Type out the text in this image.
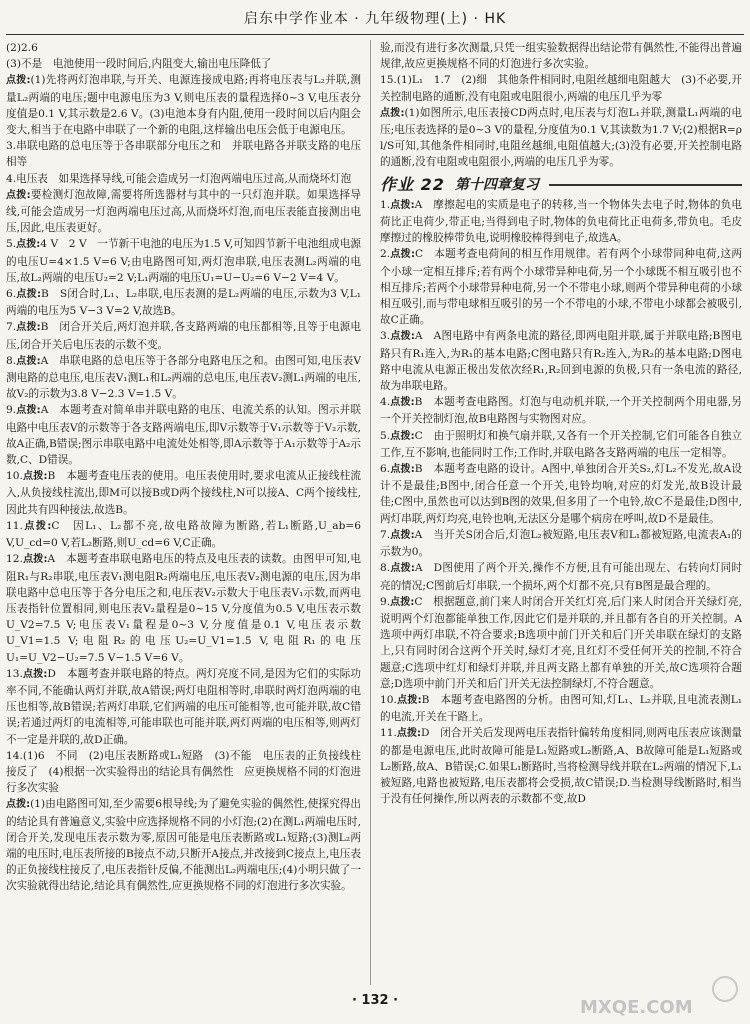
启东中学作业本 · 九年级物理(上) · HK

(2)2.6

(3)不是　电池使用一段时间后,内阻变大,输出电压降低了

点拨:(1)先将两灯泡串联,与开关、电源连接成电路;再将电压表与L₂并联,测量L₂两端的电压;题中电源电压为3 V,则电压表的量程选择0~3 V,电压表分度值是0.1 V,其示数是2.6 V。(3)电池本身有内阻,使用一段时间以后内阻会变大,相当于在电路中串联了一个新的电阻,这样输出电压会低于电源电压。

3.串联电路的总电压等于各串联部分电压之和　并联电路各并联支路的电压相等

4.电压表　如果选择导线,可能会造成另一灯泡两端电压过高,从而烧坏灯泡

点拨:要检测灯泡故障,需要将所选器材与其中的一只灯泡并联。如果选择导线,可能会造成另一灯泡两端电压过高,从而烧坏灯泡,而电压表能直接测出电压,因此,电压表更好。

5.点拨:4 V　2 V　一节新干电池的电压为1.5 V,可知四节新干电池组成电源的电压U=4×1.5 V=6 V;由电路图可知,两灯泡串联,电压表测L₂两端的电压,故L₂两端的电压U₂=2 V;L₁两端的电压U₁=U−U₂=6 V−2 V=4 V。

6.点拨:B　S闭合时,L₁、L₂串联,电压表测的是L₂两端的电压,示数为3 V,L₁两端的电压为5 V−3 V=2 V,故选B。

7.点拨:B　闭合开关后,两灯泡并联,各支路两端的电压都相等,且等于电源电压,闭合开关后电压表的示数不变。

8.点拨:A　串联电路的总电压等于各部分电路电压之和。由图可知,电压表V测电路的总电压,电压表V₁测L₁和L₂两端的总电压,电压表V₂测L₁两端的电压,故V₂的示数为3.8 V−2.3 V=1.5 V。

9.点拨:A　本题考查对简单串并联电路的电压、电流关系的认知。图示并联电路中电压表V的示数等于各支路两端电压,即V示数等于V₁示数等于V₂示数,故A正确,B错误;图示串联电路中电流处处相等,即A示数等于A₁示数等于A₂示数,C、D错误。

10.点拨:B　本题考查电压表的使用。电压表使用时,要求电流从正接线柱流入,从负接线柱流出,即M可以接B或D两个接线柱,N可以接A、C两个接线柱,因此共有四种接法,故选B。

11.点拨:C　因L₁、L₂都不亮,故电路故障为断路,若L₁断路,U_ab=6 V,U_cd=0 V,若L₂断路,则U_cd=6 V,C正确。

12.点拨:A　本题考查串联电路电压的特点及电压表的读数。由图甲可知,电阻R₁与R₂串联,电压表V₁测电阻R₂两端电压,电压表V₂测电源的电压,因为串联电路中总电压等于各分电压之和,电压表V₂示数大于电压表V₁示数,而两电压表指针位置相同,则电压表V₂量程是0~15 V,分度值为0.5 V,电压表示数U_V2=7.5 V;电压表V₁量程是0~3 V,分度值是0.1 V,电压表示数U_V1=1.5 V;电阻R₂的电压U₂=U_V1=1.5 V,电阻R₁的电压U₁=U_V2−U₂=7.5 V−1.5 V=6 V。

13.点拨:D　本题考查并联电路的特点。两灯亮度不同,是因为它们的实际功率不同,不能确认两灯并联,故A错误;两灯电阻相等时,串联时两灯泡两端的电压也相等,故B错误;若两灯串联,它们两端的电压可能相等,也可能并联,故C错误;若通过两灯的电流相等,可能串联也可能并联,两灯两端的电压相等,则两灯不一定是并联的,故D正确。

14.(1)6　不同　(2)电压表断路或L₁短路　(3)不能　电压表的正负接线柱接反了　(4)根据一次实验得出的结论具有偶然性　应更换规格不同的灯泡进行多次实验

点拨:(1)由电路图可知,至少需要6根导线;为了避免实验的偶然性,使探究得出的结论具有普遍意义,实验中应选择规格不同的小灯泡;(2)在测L₁两端电压时,闭合开关,发现电压表示数为零,原因可能是电压表断路或L₁短路;(3)测L₂两端的电压时,电压表所接的B接点不动,只断开A接点,并改接到C接点上,电压表的正负接线柱接反了,电压表指针反偏,不能测出L₂两端电压;(4)小明只做了一次实验就得出结论,结论具有偶然性,应更换规格不同的灯泡进行多次实验。

验,而没有进行多次测量,只凭一组实验数据得出结论带有偶然性,不能得出普遍规律,故应更换规格不同的灯泡进行多次实验。

15.(1)L₁　1.7　(2)细　其他条件相同时,电阻丝越细电阻越大　(3)不必要,开关控制电路的通断,没有电阻或电阻很小,两端的电压几乎为零

点拨:(1)如图所示,电压表接CD两点时,电压表与灯泡L₁并联,测量L₁两端的电压;电压表选择的是0~3 V的量程,分度值为0.1 V,其读数为1.7 V;(2)根据R=ρ l/S可知,其他条件相同时,电阻丝越细,电阻值越大;(3)没有必要,开关控制电路的通断,没有电阻或电阻很小,两端的电压几乎为零。

作业 22 第十四章复习

1.点拨:A　摩擦起电的实质是电子的转移,当一个物体失去电子时,物体的负电荷比正电荷少,带正电;当得到电子时,物体的负电荷比正电荷多,带负电。毛皮摩擦过的橡胶棒带负电,说明橡胶棒得到电子,故选A。

2.点拨:C　本题考查电荷间的相互作用规律。若有两个小球带同种电荷,这两个小球一定相互排斥;若有两个小球带异种电荷,另一个小球既不相互吸引也不相互排斥;若两个小球带异种电荷,另一个不带电小球,则两个带异种电荷的小球相互吸引,而与带电球相互吸引的另一个不带电的小球,不带电小球都会被吸引,故C正确。

3.点拨:A　A图电路中有两条电流的路径,即两电阻并联,属于并联电路;B图电路只有R₁连入,为R₁的基本电路;C图电路只有R₂连入,为R₂的基本电路;D图电路中电流从电源正极出发依次经R₁,R₂回到电源的负极,只有一条电流的路径,故为串联电路。

4.点拨:B　本题考查电路图。灯泡与电动机并联,一个开关控制两个用电器,另一个开关控制灯泡,故B电路图与实物图对应。

5.点拨:C　由于照明灯和换气扇并联,又各有一个开关控制,它们可能各自独立工作,互不影响,也能同时工作;工作时,并联电路各支路两端的电压一定相等。

6.点拨:B　本题考查电路的设计。A图中,单独闭合开关S₂,灯L₂不发光,故A设计不是最佳;B图中,闭合任意一个开关,电铃均响,对应的灯发光,故B设计最佳;C图中,虽然也可以达到B图的效果,但多用了一个电铃,故C不是最佳;D图中,两灯串联,两灯均亮,电铃也响,无法区分是哪个病房在呼叫,故D不是最佳。

7.点拨:A　当开关S闭合后,灯泡L₂被短路,电压表V和L₁都被短路,电流表A₁的示数为0。

8.点拨:A　D图使用了两个开关,操作不方便,且有可能出现左、右转向灯同时亮的情况;C图前后灯串联,一个损坏,两个灯都不亮,只有B图是最合理的。

9.点拨:C　根据题意,前门来人时闭合开关红灯亮,后门来人时闭合开关绿灯亮,说明两个灯泡都能单独工作,因此它们是并联的,并且都有各自的开关控制。A选项中两灯串联,不符合要求;B选项中前门开关和后门开关串联在绿灯的支路上,只有同时闭合这两个开关时,绿灯才亮,且红灯不受任何开关的控制,不符合题意;C选项中红灯和绿灯并联,并且两支路上都有单独的开关,故C选项符合题意;D选项中前门开关和后门开关无法控制绿灯,不符合题意。

10.点拨:B　本题考查电路图的分析。由图可知,灯L₁、L₂并联,且电流表测L₁的电流,开关在干路上。

11.点拨:D　闭合开关后发现两电压表指针偏转角度相同,则两电压表应该测量的都是电源电压,此时故障可能是L₁短路或L₂断路,A、B故障可能是L₁短路或L₂断路,故A、B错误;C.如果L₁断路时,当将检测导线并联在L₂两端的情况下,L₁被短路,电路也被短路,电压表都将会受损,故C错误;D.当检测导线断路时,相当于没有任何操作,所以两表的示数都不变,故D

· 132 ·	MXQE.COM
